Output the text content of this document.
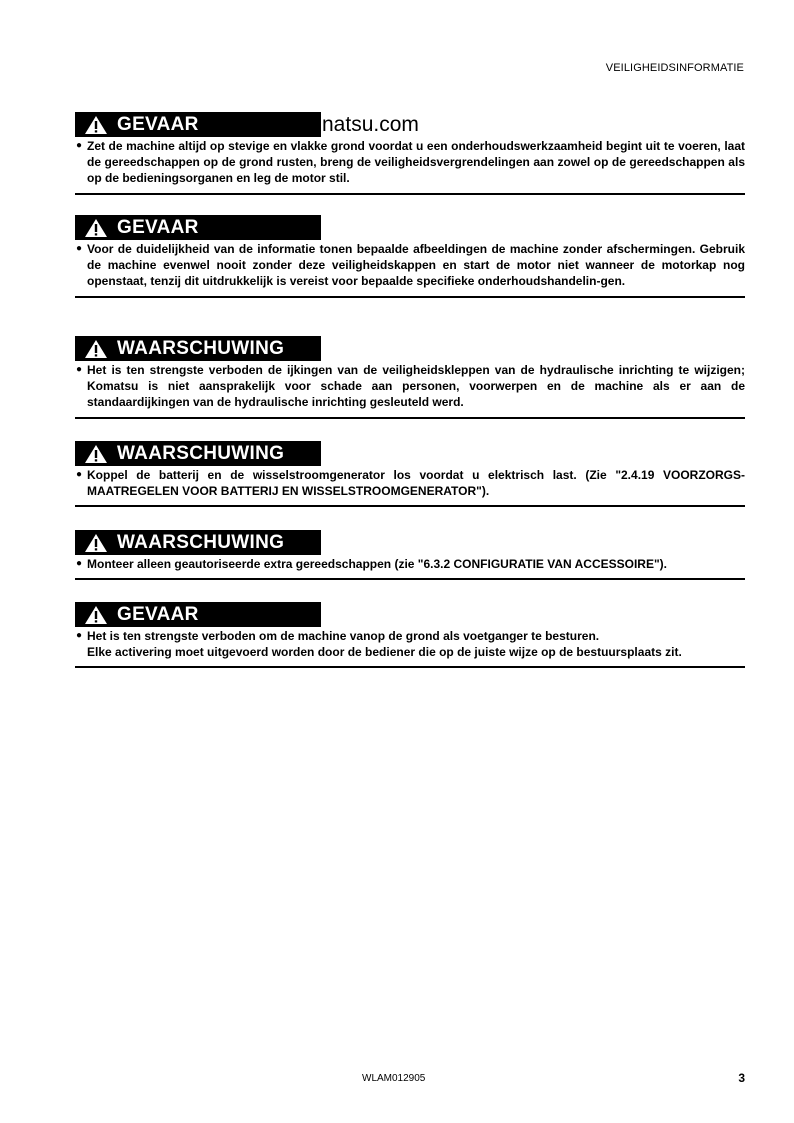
VEILIGHEIDSINFORMATIE
GEVAAR	natsu.com
● Zet de machine altijd op stevige en vlakke grond voordat u een onderhoudswerkzaamheid begint uit te voeren, laat de gereedschappen op de grond rusten, breng de veiligheidsvergrendelingen aan zowel op de gereedschappen als op de bedieningsorganen en leg de motor stil.

GEVAAR
● Voor de duidelijkheid van de informatie tonen bepaalde afbeeldingen de machine zonder afschermingen. Gebruik de machine evenwel nooit zonder deze veiligheidskappen en start de motor niet wanneer de motorkap nog openstaat, tenzij dit uitdrukkelijk is vereist voor bepaalde specifieke onderhoudshandelin-gen.

WAARSCHUWING
● Het is ten strengste verboden de ijkingen van de veiligheidskleppen van de hydraulische inrichting te wijzigen; Komatsu is niet aansprakelijk voor schade aan personen, voorwerpen en de machine als er aan de standaardijkingen van de hydraulische inrichting gesleuteld werd.

WAARSCHUWING
● Koppel de batterij en de wisselstroomgenerator los voordat u elektrisch last. (Zie "2.4.19 VOORZORGS-MAATREGELEN VOOR BATTERIJ EN WISSELSTROOMGENERATOR").

WAARSCHUWING
● Monteer alleen geautoriseerde extra gereedschappen (zie "6.3.2 CONFIGURATIE VAN ACCESSOIRE").

GEVAAR
● Het is ten strengste verboden om de machine vanop de grond als voetganger te besturen.

Elke activering moet uitgevoerd worden door de bediener die op de juiste wijze op de bestuursplaats zit.

WLAM012905	3
